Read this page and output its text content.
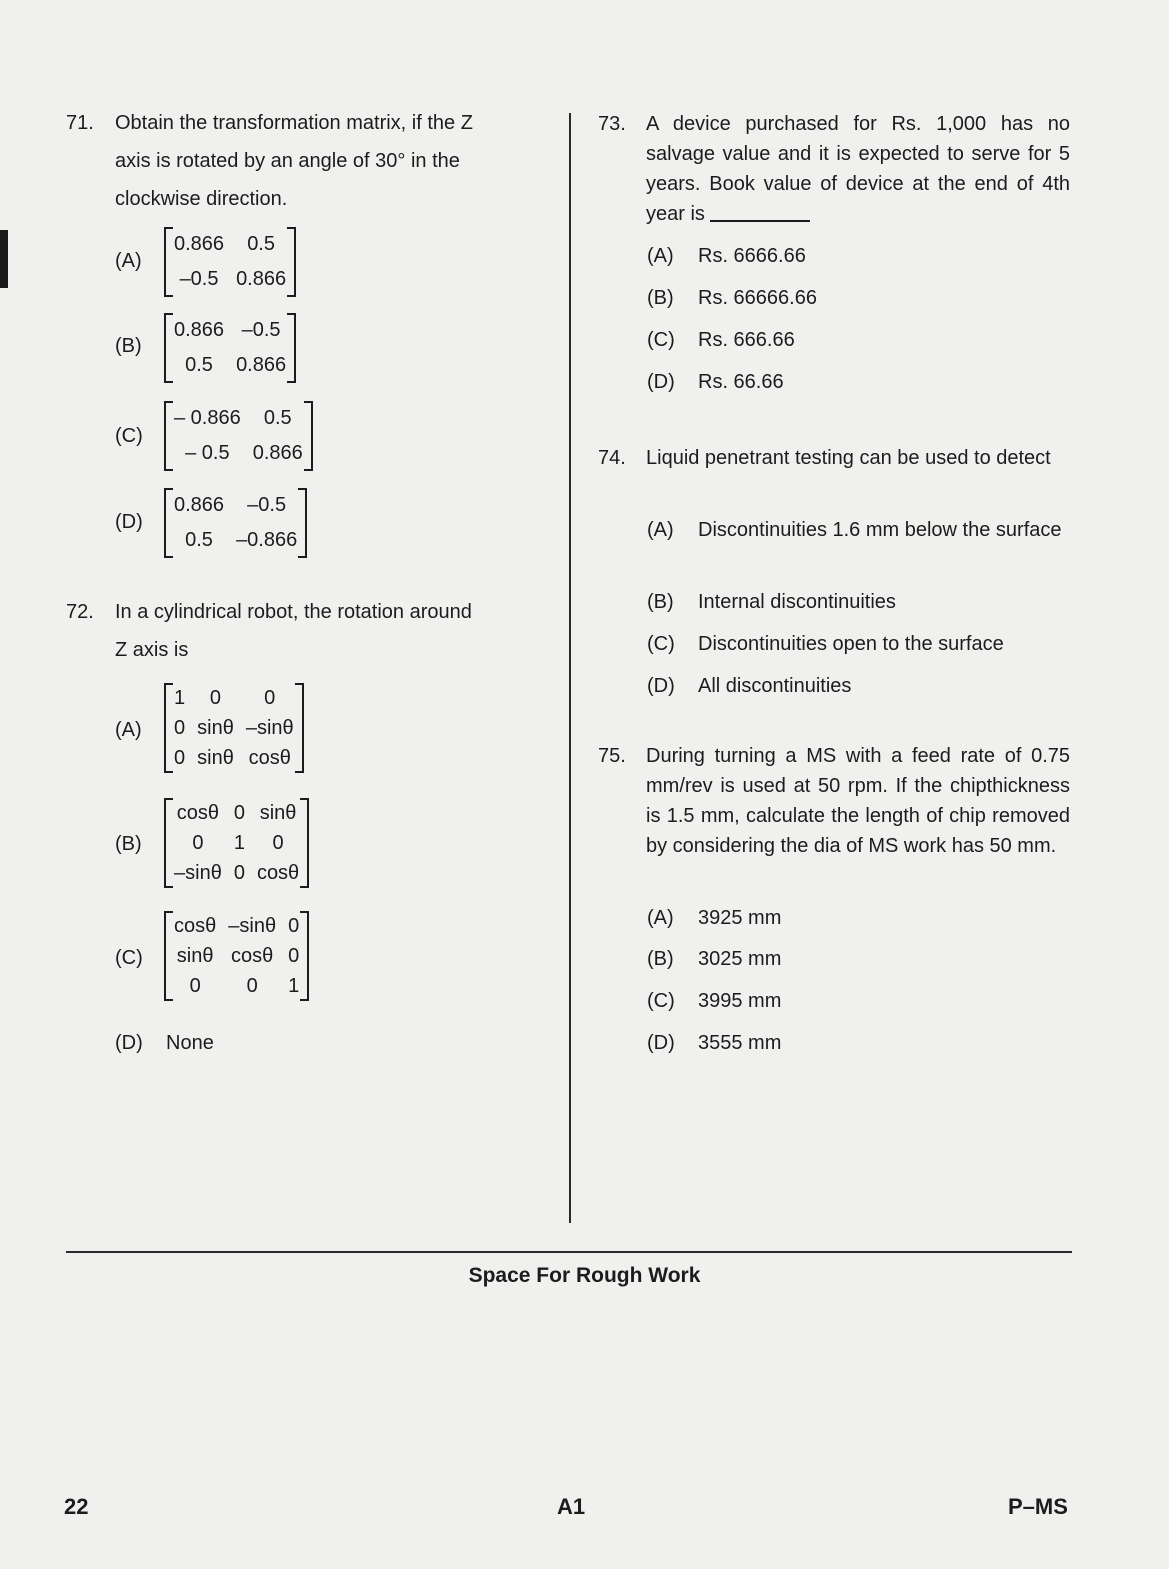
71. Obtain the transformation matrix, if the Z
axis is rotated by an angle of 30° in the
clockwise direction.
(A)
0.866	0.5
–0.5	0.866
(B)
0.866	–0.5
0.5	0.866
(C)
– 0.866	0.5
– 0.5	0.866
(D)
0.866	–0.5
0.5	–0.866
72. In a cylindrical robot, the rotation around
Z axis is
(A)
1	0	0
0	sinθ	–sinθ
0	sinθ	cosθ
(B)
cosθ	0	sinθ
0	1	0
–sinθ	0	cosθ
(C)
cosθ	–sinθ	0
sinθ	cosθ	0
0	0	1
(D) None
73. A device purchased for Rs. 1,000 has no salvage value and it is expected to serve for 5 years. Book value of device at the end of 4th year is
(A) Rs. 6666.66
(B) Rs. 66666.66
(C) Rs. 666.66
(D) Rs. 66.66
74. Liquid penetrant testing can be used to detect
(A) Discontinuities 1.6 mm below the surface
(B) Internal discontinuities
(C) Discontinuities open to the surface
(D) All discontinuities
75. During turning a MS with a feed rate of 0.75 mm/rev is used at 50 rpm. If the chipthickness is 1.5 mm, calculate the length of chip removed by considering the dia of MS work has 50 mm.
(A) 3925 mm
(B) 3025 mm
(C) 3995 mm
(D) 3555 mm
Space For Rough Work
22	A1	P–MS
